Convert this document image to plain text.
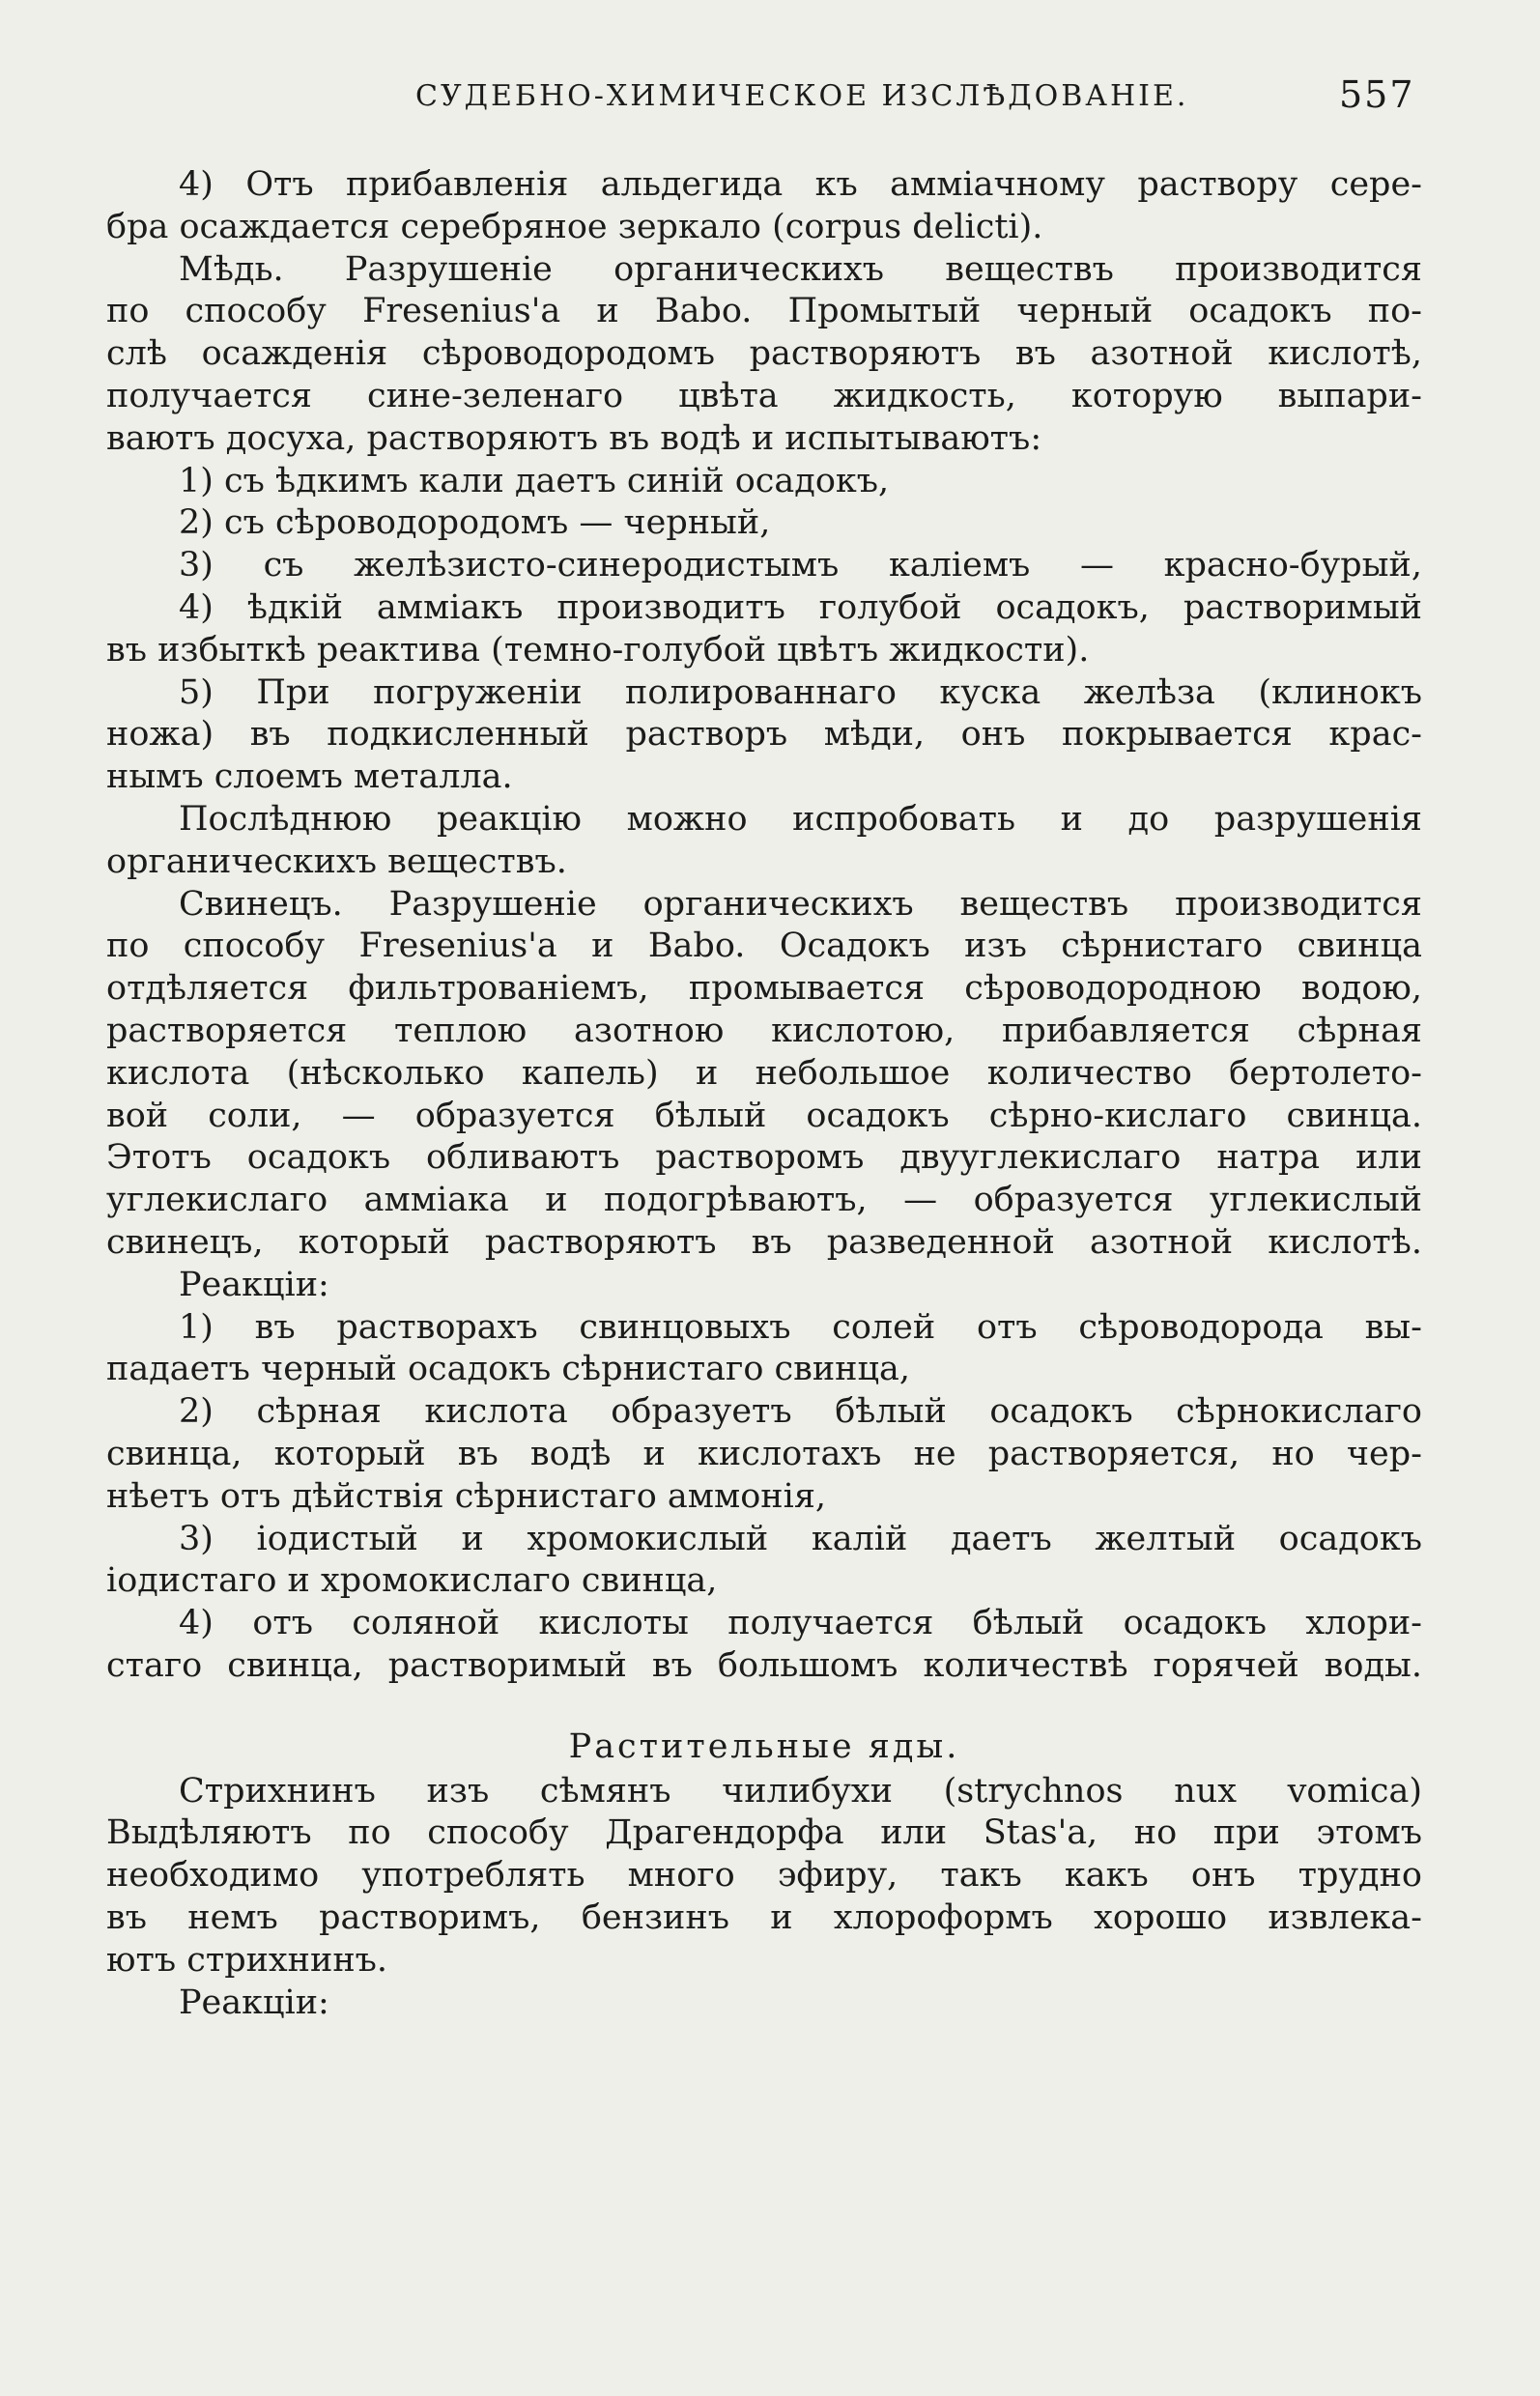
СУДЕБНО-ХИМИЧЕСКОЕ ИЗСЛѢДОВАНІЕ.	557
4) Отъ прибавленія альдегида къ амміачному раствору сере-
бра осаждается серебряное зеркало (corpus delicti).
Мѣдь. Разрушеніе органическихъ веществъ производится
по способу Fresenius'а и Babo. Промытый черный осадокъ по-
слѣ осажденія сѣроводородомъ растворяютъ въ азотной кислотѣ,
получается сине-зеленаго цвѣта жидкость, которую выпари-
ваютъ досуха, растворяютъ въ водѣ и испытываютъ:
1) съ ѣдкимъ кали даетъ синій осадокъ,
2) съ сѣроводородомъ — черный,
3) съ желѣзисто-синеродистымъ каліемъ — красно-бурый,
4) ѣдкій амміакъ производитъ голубой осадокъ, растворимый
въ избыткѣ реактива (темно-голубой цвѣтъ жидкости).
5) При погруженіи полированнаго куска желѣза (клинокъ
ножа) въ подкисленный растворъ мѣди, онъ покрывается крас-
нымъ слоемъ металла.
Послѣднюю реакцію можно испробовать и до разрушенія
органическихъ веществъ.
Свинецъ. Разрушеніе органическихъ веществъ производится
по способу Fresenius'а и Babo. Осадокъ изъ сѣрнистаго свинца
отдѣляется фильтрованіемъ, промывается сѣроводородною водою,
растворяется теплою азотною кислотою, прибавляется сѣрная
кислота (нѣсколько капель) и небольшое количество бертолето-
вой соли, — образуется бѣлый осадокъ сѣрно-кислаго свинца.
Этотъ осадокъ обливаютъ растворомъ двууглекислаго натра или
углекислаго амміака и подогрѣваютъ, — образуется углекислый
свинецъ, который растворяютъ въ разведенной азотной кислотѣ.
Реакціи:
1) въ растворахъ свинцовыхъ солей отъ сѣроводорода вы-
падаетъ черный осадокъ сѣрнистаго свинца,
2) сѣрная кислота образуетъ бѣлый осадокъ сѣрнокислаго
свинца, который въ водѣ и кислотахъ не растворяется, но чер-
нѣетъ отъ дѣйствія сѣрнистаго аммонія,
3) іодистый и хромокислый калій даетъ желтый осадокъ
іодистаго и хромокислаго свинца,
4) отъ соляной кислоты получается бѣлый осадокъ хлори-
стаго свинца, растворимый въ большомъ количествѣ горячей воды.
Растительные яды.
Стрихнинъ изъ сѣмянъ чилибухи (strychnos nux vomica)
Выдѣляютъ по способу Драгендорфа или Stas'а, но при этомъ
необходимо употреблять много эфиру, такъ какъ онъ трудно
въ немъ растворимъ, бензинъ и хлороформъ хорошо извлека-
ютъ стрихнинъ.
Реакціи:
